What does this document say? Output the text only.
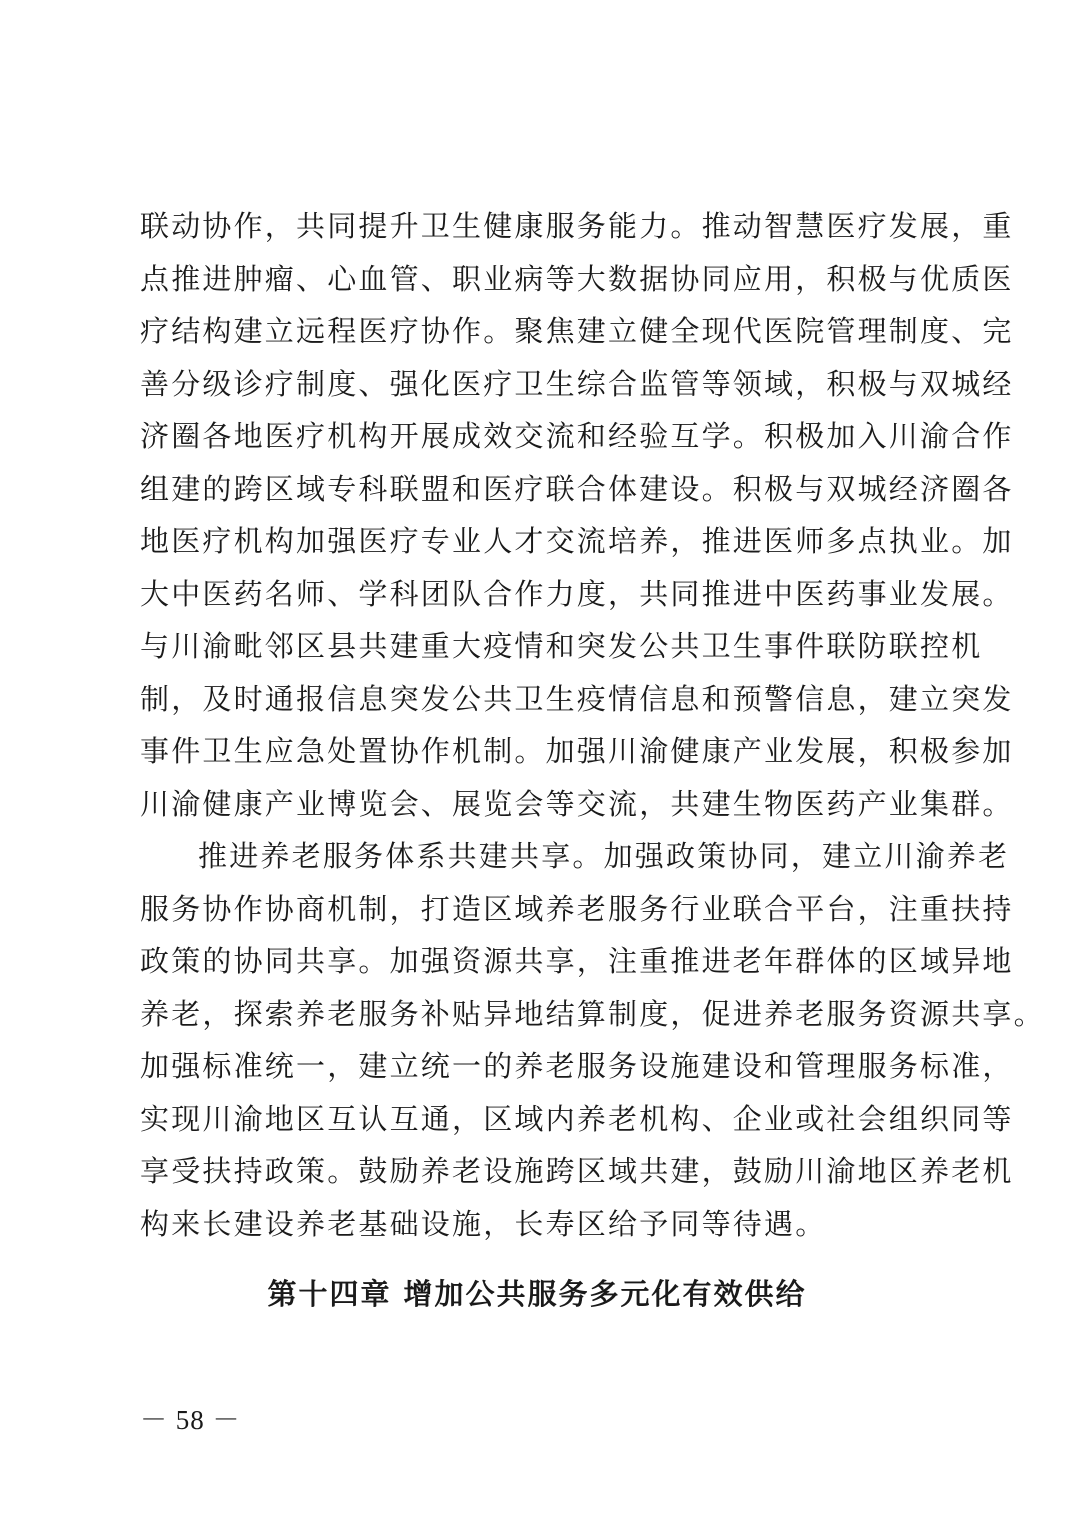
联动协作，共同提升卫生健康服务能力。推动智慧医疗发展，重
点推进肿瘤、心血管、职业病等大数据协同应用，积极与优质医
疗结构建立远程医疗协作。聚焦建立健全现代医院管理制度、完
善分级诊疗制度、强化医疗卫生综合监管等领域，积极与双城经
济圈各地医疗机构开展成效交流和经验互学。积极加入川渝合作
组建的跨区域专科联盟和医疗联合体建设。积极与双城经济圈各
地医疗机构加强医疗专业人才交流培养，推进医师多点执业。加
大中医药名师、学科团队合作力度，共同推进中医药事业发展。
与川渝毗邻区县共建重大疫情和突发公共卫生事件联防联控机
制，及时通报信息突发公共卫生疫情信息和预警信息，建立突发
事件卫生应急处置协作机制。加强川渝健康产业发展，积极参加
川渝健康产业博览会、展览会等交流，共建生物医药产业集群。
推进养老服务体系共建共享。加强政策协同，建立川渝养老
服务协作协商机制，打造区域养老服务行业联合平台，注重扶持
政策的协同共享。加强资源共享，注重推进老年群体的区域异地
养老，探索养老服务补贴异地结算制度，促进养老服务资源共享。
加强标准统一，建立统一的养老服务设施建设和管理服务标准，
实现川渝地区互认互通，区域内养老机构、企业或社会组织同等
享受扶持政策。鼓励养老设施跨区域共建，鼓励川渝地区养老机
构来长建设养老基础设施，长寿区给予同等待遇。
第十四章 增加公共服务多元化有效供给
－ 58 －
